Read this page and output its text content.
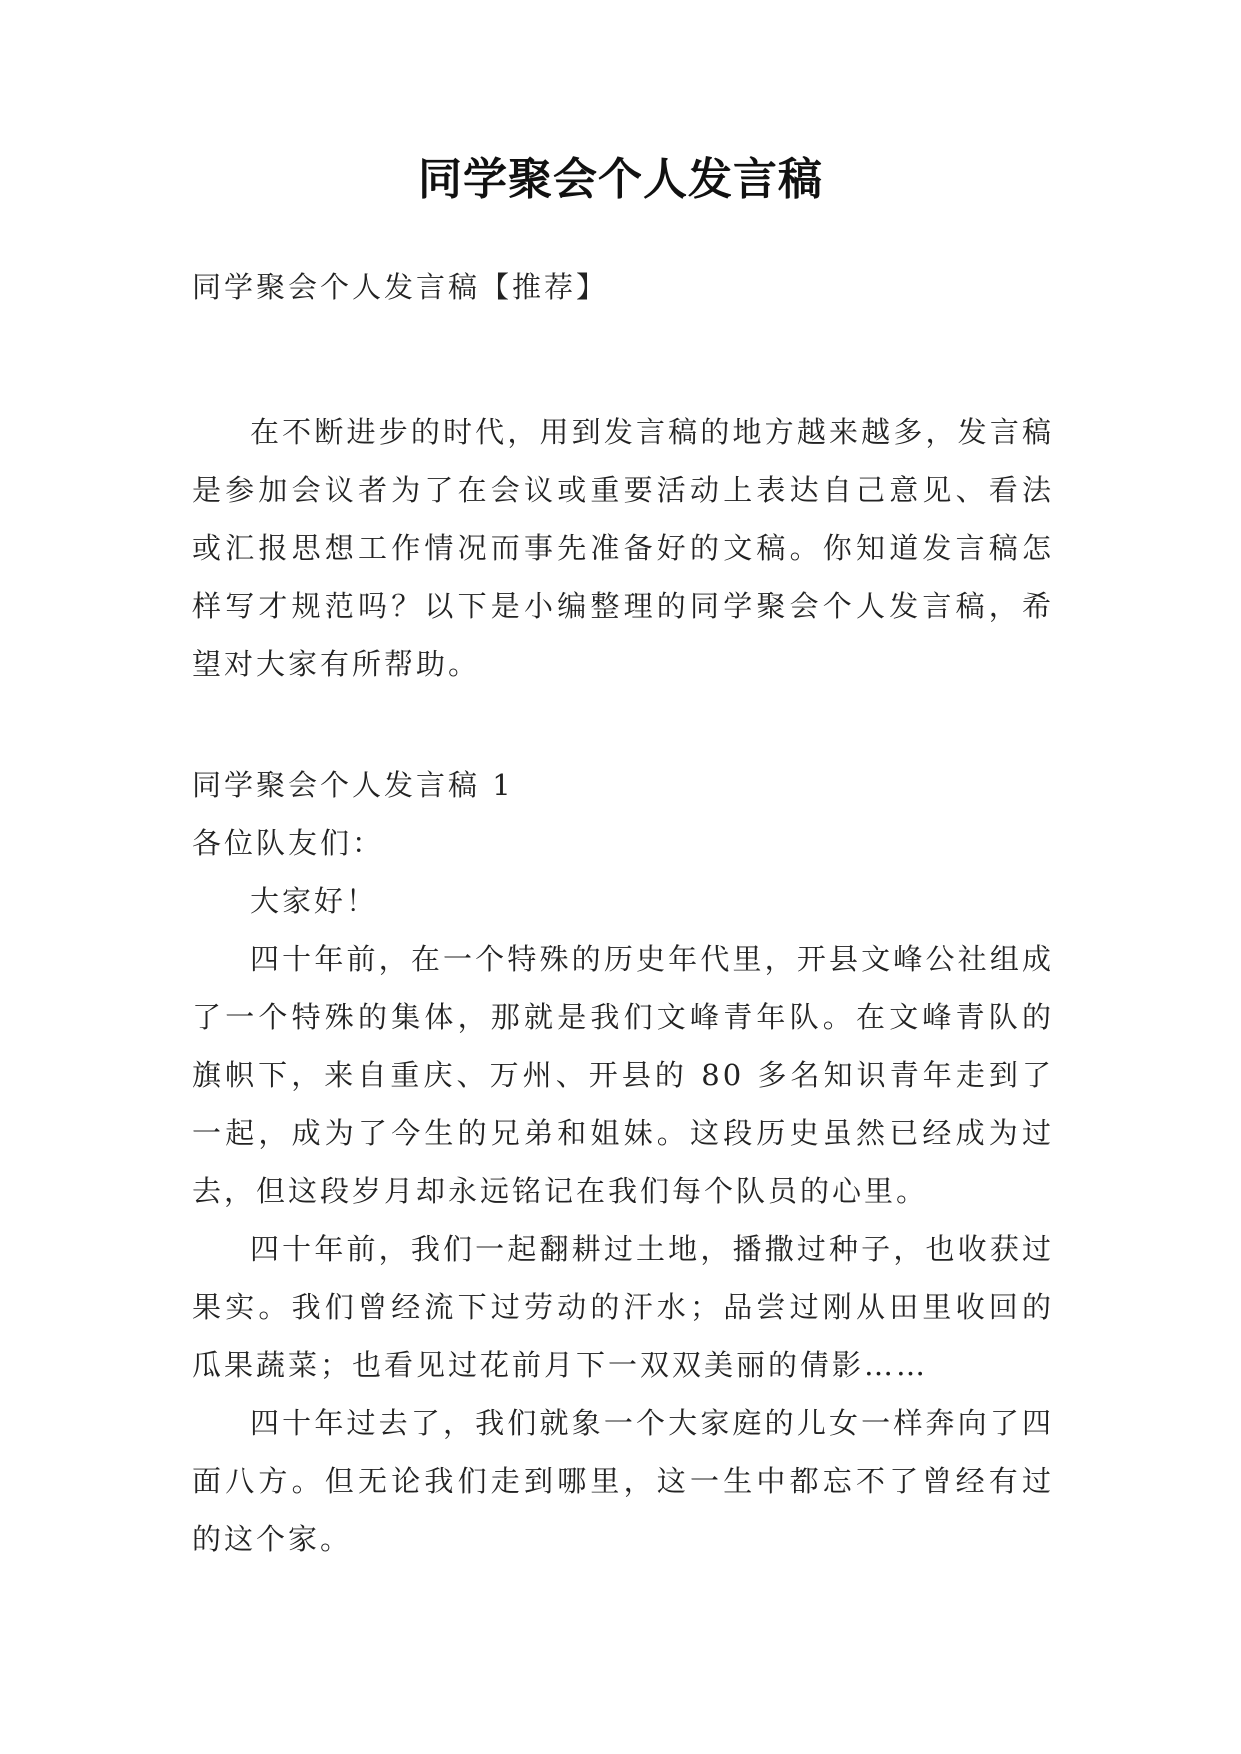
同学聚会个人发言稿
同学聚会个人发言稿【推荐】

在不断进步的时代，用到发言稿的地方越来越多，发言稿是参加会议者为了在会议或重要活动上表达自己意见、看法或汇报思想工作情况而事先准备好的文稿。你知道发言稿怎样写才规范吗？以下是小编整理的同学聚会个人发言稿，希望对大家有所帮助。

同学聚会个人发言稿 1

各位队友们：

大家好！

四十年前，在一个特殊的历史年代里，开县文峰公社组成了一个特殊的集体，那就是我们文峰青年队。在文峰青队的旗帜下，来自重庆、万州、开县的 80 多名知识青年走到了一起，成为了今生的兄弟和姐妹。这段历史虽然已经成为过去，但这段岁月却永远铭记在我们每个队员的心里。

四十年前，我们一起翻耕过土地，播撒过种子，也收获过果实。我们曾经流下过劳动的汗水；品尝过刚从田里收回的瓜果蔬菜；也看见过花前月下一双双美丽的倩影……

四十年过去了，我们就象一个大家庭的儿女一样奔向了四面八方。但无论我们走到哪里，这一生中都忘不了曾经有过的这个家。
